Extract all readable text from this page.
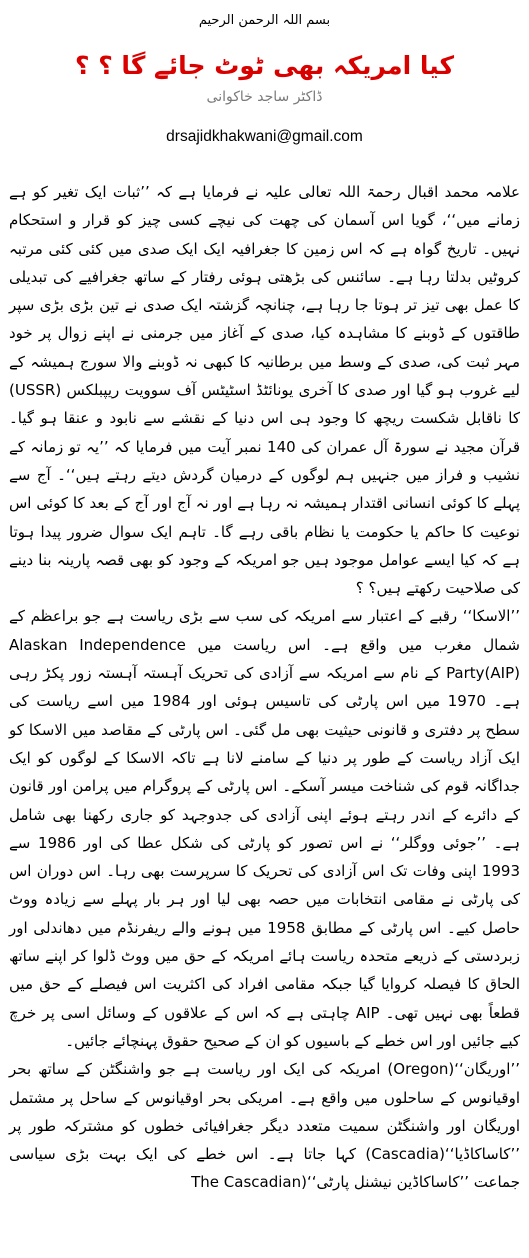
بسم اللہ الرحمن الرحیم
کیا امریکہ بھی ٹوٹ جائے گا ؟ ؟
ڈاکٹر ساجد خاکوانی
drsajidkhakwani@gmail.com

علامہ محمد اقبال رحمۃ اللہ تعالی علیہ نے فرمایا ہے کہ ’’ثبات ایک تغیر کو ہے زمانے میں‘‘، گویا اس آسمان کی چھت کی نیچے کسی چیز کو قرار و استحکام نہیں۔ تاریخ گواہ ہے کہ اس زمین کا جغرافیہ ایک ایک صدی میں کئی کئی مرتبہ کروٹیں بدلتا رہا ہے۔ سائنس کی بڑھتی ہوئی رفتار کے ساتھ جغرافیے کی تبدیلی کا عمل بھی تیز تر ہوتا جا رہا ہے، چنانچہ گزشتہ ایک صدی نے تین بڑی بڑی سپر طاقتوں کے ڈوبنے کا مشاہدہ کیا، صدی کے آغاز میں جرمنی نے اپنے زوال پر خود مہر ثبت کی، صدی کے وسط میں برطانیہ کا کبھی نہ ڈوبنے والا سورج ہمیشہ کے لیے غروب ہو گیا اور صدی کا آخری یونائٹڈ اسٹیٹس آف سوویت ریپبلکس (USSR) کا ناقابل شکست ریچھ کا وجود ہی اس دنیا کے نقشے سے نابود و عنقا ہو گیا۔ قرآن مجید نے سورۃ آل عمران کی 140 نمبر آیت میں فرمایا کہ ’’یہ تو زمانہ کے نشیب و فراز میں جنہیں ہم لوگوں کے درمیان گردش دیتے رہتے ہیں‘‘۔ آج سے پہلے کا کوئی انسانی اقتدار ہمیشہ نہ رہا ہے اور نہ آج اور آج کے بعد کا کوئی اس نوعیت کا حاکم یا حکومت یا نظام باقی رہے گا۔ تاہم ایک سوال ضرور پیدا ہوتا ہے کہ کیا ایسے عوامل موجود ہیں جو امریکہ کے وجود کو بھی قصہ پارینہ بنا دینے کی صلاحیت رکھتے ہیں؟ ؟

’’الاسکا‘‘ رقبے کے اعتبار سے امریکہ کی سب سے بڑی ریاست ہے جو براعظم کے شمال مغرب میں واقع ہے۔ اس ریاست میں Alaskan Independence Party(AIP) کے نام سے امریکہ سے آزادی کی تحریک آہستہ آہستہ زور پکڑ رہی ہے۔ 1970 میں اس پارٹی کی تاسیس ہوئی اور 1984 میں اسے ریاست کی سطح پر دفتری و قانونی حیثیت بھی مل گئی۔ اس پارٹی کے مقاصد میں الاسکا کو ایک آزاد ریاست کے طور پر دنیا کے سامنے لانا ہے تاکہ الاسکا کے لوگوں کو ایک جداگانہ قوم کی شناخت میسر آسکے۔ اس پارٹی کے پروگرام میں پرامن اور قانون کے دائرے کے اندر رہتے ہوئے اپنی آزادی کی جدوجہد کو جاری رکھنا بھی شامل ہے۔ ’’جوئی ووگلر‘‘ نے اس تصور کو پارٹی کی شکل عطا کی اور 1986 سے 1993 اپنی وفات تک اس آزادی کی تحریک کا سرپرست بھی رہا۔ اس دوران اس کی پارٹی نے مقامی انتخابات میں حصہ بھی لیا اور ہر بار پہلے سے زیادہ ووٹ حاصل کیے۔ اس پارٹی کے مطابق 1958 میں ہونے والے ریفرنڈم میں دھاندلی اور زبردستی کے ذریعے متحدہ ریاست ہائے امریکہ کے حق میں ووٹ ڈلوا کر اپنے ساتھ الحاق کا فیصلہ کروایا گیا جبکہ مقامی افراد کی اکثریت اس فیصلے کے حق میں قطعاً بھی نہیں تھی۔ AIP چاہتی ہے کہ اس کے علاقوں کے وسائل اسی پر خرچ کیے جائیں اور اس خطے کے باسیوں کو ان کے صحیح حقوق پہنچائے جائیں۔

’’اوریگان‘‘(Oregon) امریکہ کی ایک اور ریاست ہے جو واشنگٹن کے ساتھ بحر اوقیانوس کے ساحلوں میں واقع ہے۔ امریکی بحر اوقیانوس کے ساحل پر مشتمل اوریگان اور واشنگٹن سمیت متعدد دیگر جغرافیائی خطوں کو مشترکہ طور پر ’’کاساکاڈیا‘‘(Cascadia) کہا جاتا ہے۔ اس خطے کی ایک بہت بڑی سیاسی جماعت ’’کاساکاڈین نیشنل پارٹی‘‘(The Cascadian
